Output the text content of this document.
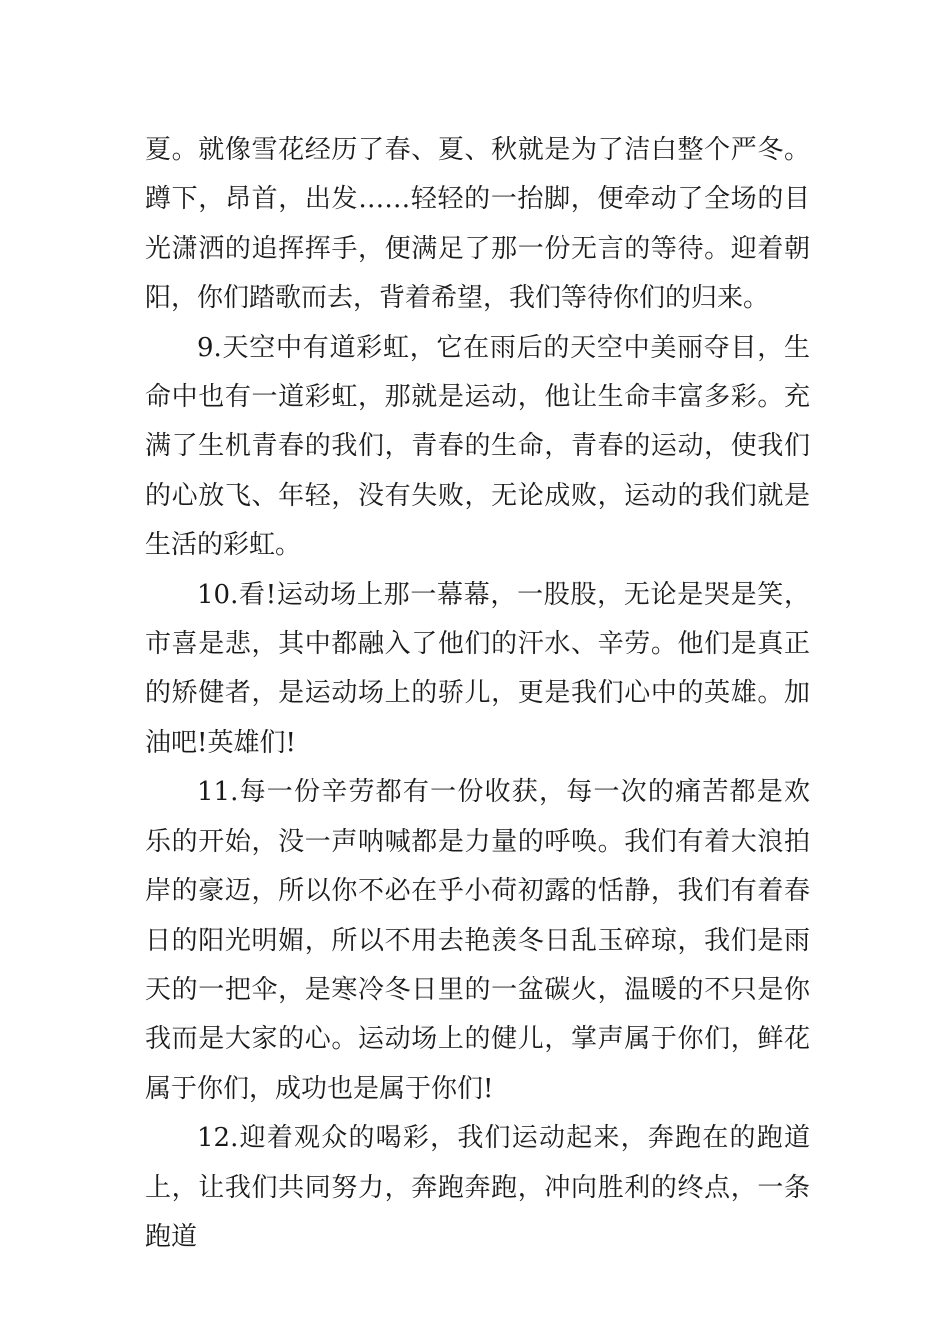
夏。就像雪花经历了春、夏、秋就是为了洁白整个严冬。蹲下，昂首，出发……轻轻的一抬脚，便牵动了全场的目光潇洒的追挥挥手，便满足了那一份无言的等待。迎着朝阳，你们踏歌而去，背着希望，我们等待你们的归来。

9.天空中有道彩虹，它在雨后的天空中美丽夺目，生命中也有一道彩虹，那就是运动，他让生命丰富多彩。充满了生机青春的我们，青春的生命，青春的运动，使我们的心放飞、年轻，没有失败，无论成败，运动的我们就是生活的彩虹。

10.看!运动场上那一幕幕，一股股，无论是哭是笑，市喜是悲，其中都融入了他们的汗水、辛劳。他们是真正的矫健者，是运动场上的骄儿，更是我们心中的英雄。加油吧!英雄们!

11.每一份辛劳都有一份收获，每一次的痛苦都是欢乐的开始，没一声呐喊都是力量的呼唤。我们有着大浪拍岸的豪迈，所以你不必在乎小荷初露的恬静，我们有着春日的阳光明媚，所以不用去艳羡冬日乱玉碎琼，我们是雨天的一把伞，是寒冷冬日里的一盆碳火，温暖的不只是你我而是大家的心。运动场上的健儿，掌声属于你们，鲜花属于你们，成功也是属于你们!

12.迎着观众的喝彩，我们运动起来，奔跑在的跑道上，让我们共同努力，奔跑奔跑，冲向胜利的终点，一条跑道
